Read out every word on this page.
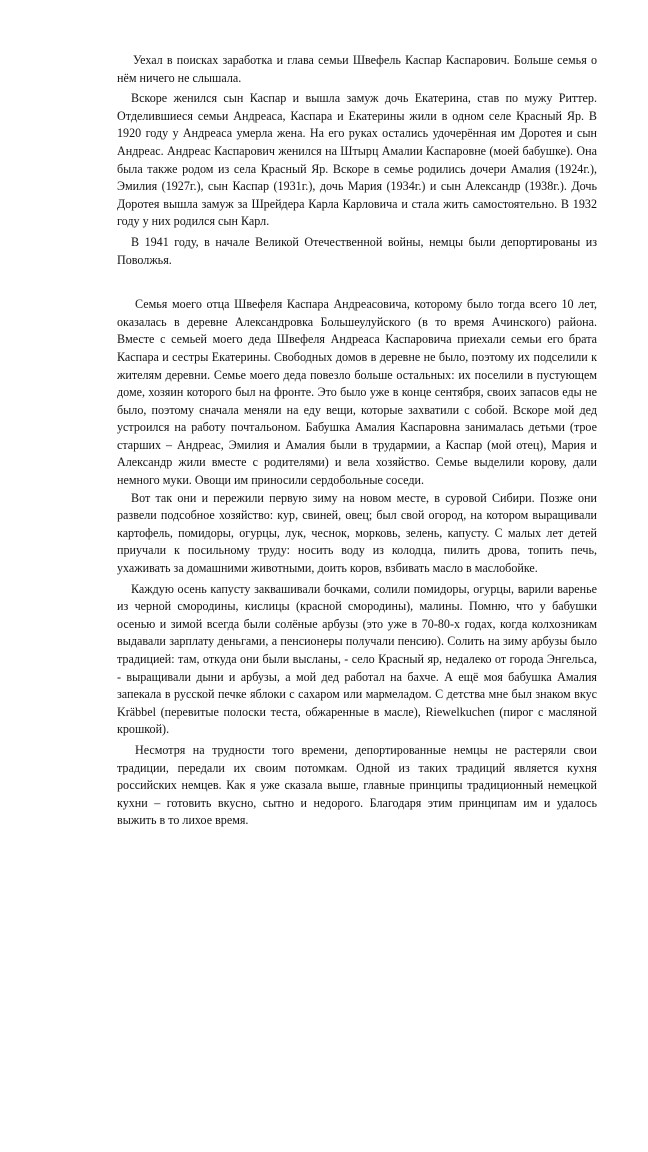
Уехал в поисках заработка и глава семьи Швефель Каспар Каспарович. Больше семья о нём ничего не слышала.

Вскоре женился сын Каспар и вышла замуж дочь Екатерина, став по мужу Риттер. Отделившиеся семьи Андреаса, Каспара и Екатерины жили в одном селе Красный Яр. В 1920 году у Андреаса умерла жена. На его руках остались удочерённая им Доротея и сын Андреас. Андреас Каспарович женился на Штырц Амалии Каспаровне (моей бабушке). Она была также родом из села Красный Яр. Вскоре в семье родились дочери Амалия (1924г.), Эмилия (1927г.), сын Каспар (1931г.), дочь Мария (1934г.) и сын Александр (1938г.). Дочь Доротея вышла замуж за Шрейдера Карла Карловича и стала жить самостоятельно. В 1932 году у них родился сын Карл.

В 1941 году, в начале Великой Отечественной войны, немцы были депортированы из Поволжья.

Семья моего отца Швефеля Каспара Андреасовича, которому было тогда всего 10 лет, оказалась в деревне Александровка Большеулуйского (в то время Ачинского) района. Вместе с семьей моего деда Швефеля Андреаса Каспаровича приехали семьи его брата Каспара и сестры Екатерины. Свободных домов в деревне не было, поэтому их подселили к жителям деревни. Семье моего деда повезло больше остальных: их поселили в пустующем доме, хозяин которого был на фронте. Это было уже в конце сентября, своих запасов еды не было, поэтому сначала меняли на еду вещи, которые захватили с собой. Вскоре мой дед устроился на работу почтальоном. Бабушка Амалия Каспаровна занималась детьми (трое старших – Андреас, Эмилия и Амалия были в трудармии, а Каспар (мой отец), Мария и Александр жили вместе с родителями) и вела хозяйство. Семье выделили корову, дали немного муки. Овощи им приносили сердобольные соседи.

Вот так они и пережили первую зиму на новом месте, в суровой Сибири. Позже они развели подсобное хозяйство: кур, свиней, овец; был свой огород, на котором выращивали картофель, помидоры, огурцы, лук, чеснок, морковь, зелень, капусту. С малых лет детей приучали к посильному труду: носить воду из колодца, пилить дрова, топить печь, ухаживать за домашними животными, доить коров, взбивать масло в маслобойке.

Каждую осень капусту заквашивали бочками, солили помидоры, огурцы, варили варенье из черной смородины, кислицы (красной смородины), малины. Помню, что у бабушки осенью и зимой всегда были солёные арбузы (это уже в 70-80-х годах, когда колхозникам выдавали зарплату деньгами, а пенсионеры получали пенсию). Солить на зиму арбузы было традицией: там, откуда они были высланы, - село Красный яр, недалеко от города Энгельса, - выращивали дыни и арбузы, а мой дед работал на бахче. А ещё моя бабушка Амалия запекала в русской печке яблоки с сахаром или мармеладом. С детства мне был знаком вкус Kräbbel (перевитые полоски теста, обжаренные в масле), Riewelkuchen (пирог с масляной крошкой).

Несмотря на трудности того времени, депортированные немцы не растеряли свои традиции, передали их своим потомкам. Одной из таких традиций является кухня российских немцев. Как я уже сказала выше, главные принципы традиционный немецкой кухни – готовить вкусно, сытно и недорого. Благодаря этим принципам им и удалось выжить в то лихое время.
